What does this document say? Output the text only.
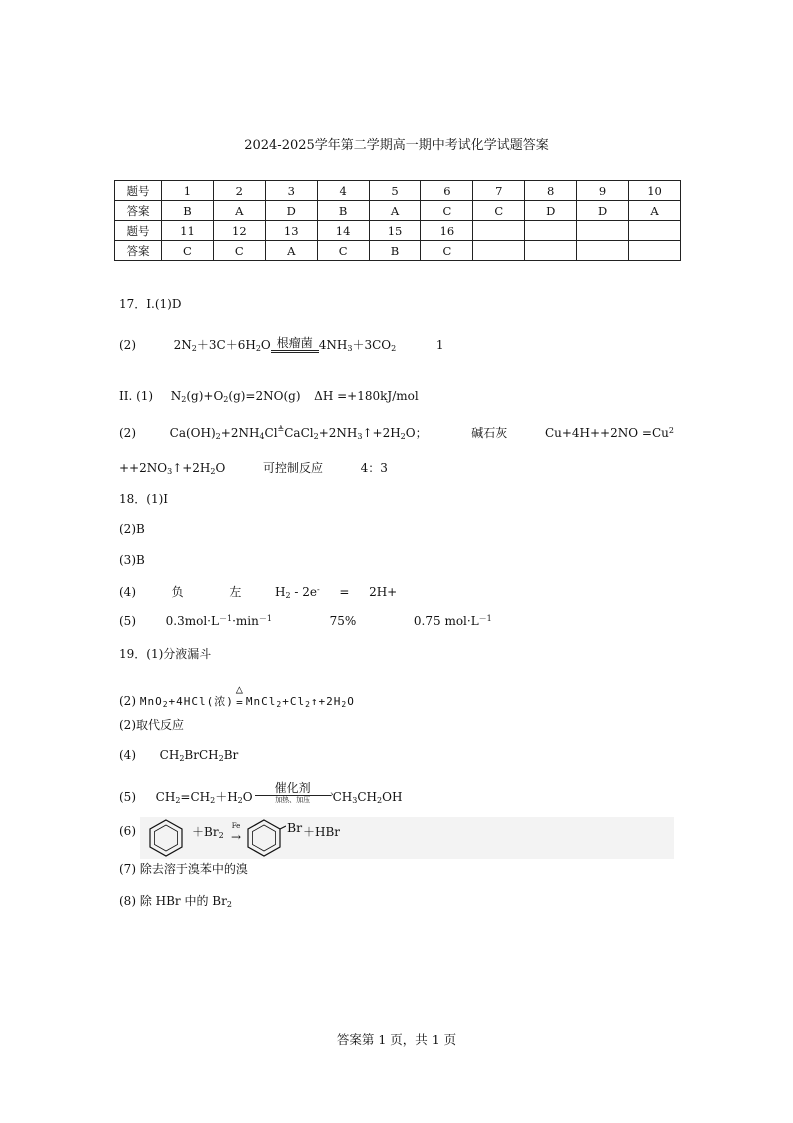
2024-2025学年第二学期高一期中考试化学试题答案
题号	1	2	3	4	5	6	7	8	9	10
答案	B	A	D	B	A	C	C	D	D	A
题号	11	12	13	14	15	16				
答案	C	C	A	C	B	C				
17．I.(1)D
(2)	$2N_2+3C+6H_2O$ 根瘤菌 $4NH_3+3CO_2$	1
II. (1) $N_2(g)+O_2(g)=2NO(g)$ ΔH =+180kJ/mol
(2)	$Ca(OH)_2+2NH_4Cl^≜CaCl_2+2NH_3↑+2H_2O$；	碱石灰	$Cu+4H++2NO =Cu^2$
$++2NO_3↑+2H_2O$	可控制反应	4：3
18．(1)I
(2)B
(3)B
(4)	负	左	$H_2 - 2e^- = 2H+$
(5) $0.3mol\cdot L^{-1}\cdot\min^{-1}$	75%	0.75 $mol\cdot L^{-1}$
19．(1)分液漏斗
(2) MnO$_2$+4HCl(浓)
△
= $MnCl_2+Cl_2↑+2H_2O$
(2)取代反应
(4) $CH_2BrCH_2Br$
(5) $CH_2=CH_2+H_2O$
催化剂	›
加热、加压	$CH_3CH_2OH$
(6)	$+Br_2$
Fe
→
Br ＋HBr
(7) 除去溶于溴苯中的溴
(8) 除 HBr 中的 $Br_2$
答案第 1 页，共 1 页
